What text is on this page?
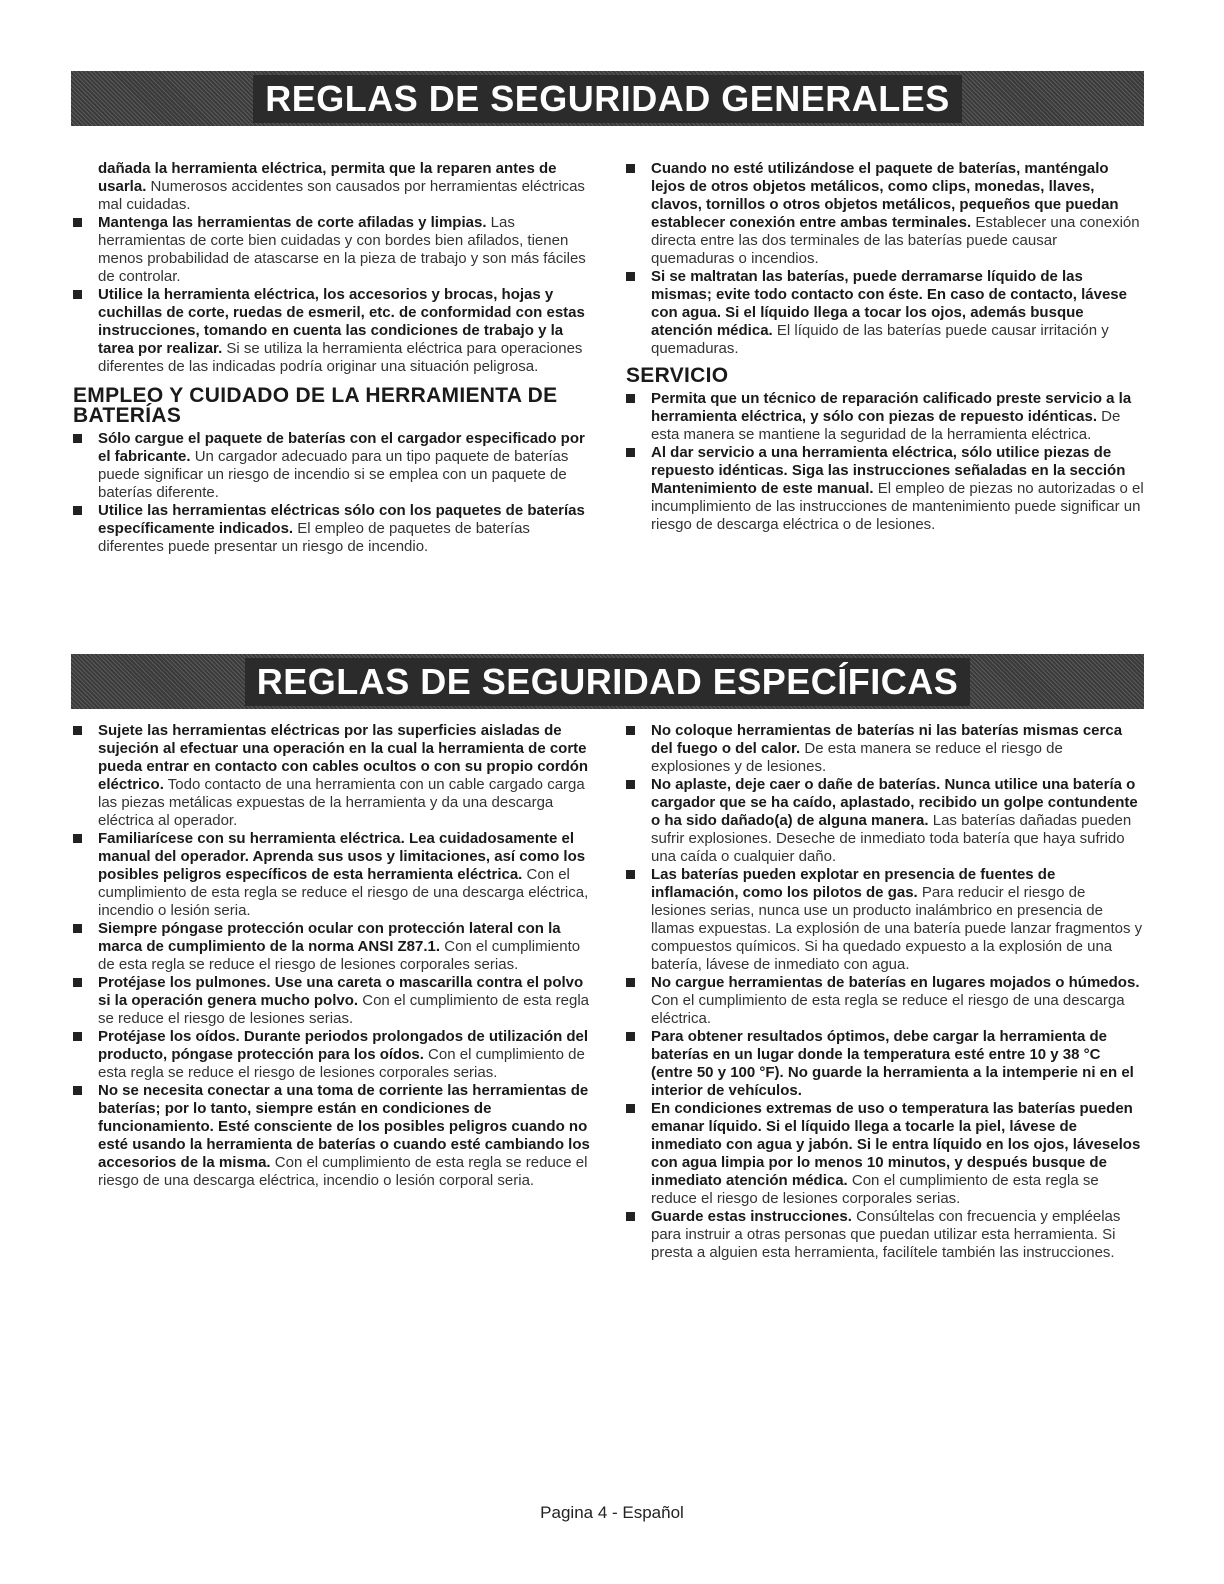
REGLAS DE SEGURIDAD GENERALES

dañada la herramienta eléctrica, permita que la reparen antes de usarla. Numerosos accidentes son causados por herramientas eléctricas mal cuidadas.

Mantenga las herramientas de corte afiladas y limpias. Las herramientas de corte bien cuidadas y con bordes bien afilados, tienen menos probabilidad de atascarse en la pieza de trabajo y son más fáciles de controlar.

Utilice la herramienta eléctrica, los accesorios y brocas, hojas y cuchillas de corte, ruedas de esmeril, etc. de conformidad con estas instrucciones, tomando en cuenta las condiciones de trabajo y la tarea por realizar. Si se utiliza la herramienta eléctrica para operaciones diferentes de las indicadas podría originar una situación peligrosa.

EMPLEO Y CUIDADO DE LA HERRAMIENTA DE BATERÍAS

Sólo cargue el paquete de baterías con el cargador especificado por el fabricante. Un cargador adecuado para un tipo paquete de baterías puede significar un riesgo de incendio si se emplea con un paquete de baterías diferente.

Utilice las herramientas eléctricas sólo con los paquetes de baterías específicamente indicados. El empleo de paquetes de baterías diferentes puede presentar un riesgo de incendio.

Cuando no esté utilizándose el paquete de baterías, manténgalo lejos de otros objetos metálicos, como clips, monedas, llaves, clavos, tornillos o otros objetos metálicos, pequeños que puedan establecer conexión entre ambas terminales. Establecer una conexión directa entre las dos terminales de las baterías puede causar quemaduras o incendios.

Si se maltratan las baterías, puede derramarse líquido de las mismas; evite todo contacto con éste. En caso de contacto, lávese con agua. Si el líquido llega a tocar los ojos, además busque atención médica. El líquido de las baterías puede causar irritación y quemaduras.

SERVICIO

Permita que un técnico de reparación calificado preste servicio a la herramienta eléctrica, y sólo con piezas de repuesto idénticas. De esta manera se mantiene la seguridad de la herramienta eléctrica.

Al dar servicio a una herramienta eléctrica, sólo utilice piezas de repuesto idénticas. Siga las instrucciones señaladas en la sección Mantenimiento de este manual. El empleo de piezas no autorizadas o el incumplimiento de las instrucciones de mantenimiento puede significar un riesgo de descarga eléctrica o de lesiones.

REGLAS DE SEGURIDAD ESPECÍFICAS

Sujete las herramientas eléctricas por las superficies aisladas de sujeción al efectuar una operación en la cual la herramienta de corte pueda entrar en contacto con cables ocultos o con su propio cordón eléctrico. Todo contacto de una herramienta con un cable cargado carga las piezas metálicas expuestas de la herramienta y da una descarga eléctrica al operador.

Familiarícese con su herramienta eléctrica. Lea cuidadosamente el manual del operador. Aprenda sus usos y limitaciones, así como los posibles peligros específicos de esta herramienta eléctrica. Con el cumplimiento de esta regla se reduce el riesgo de una descarga eléctrica, incendio o lesión seria.

Siempre póngase protección ocular con protección lateral con la marca de cumplimiento de la norma ANSI Z87.1. Con el cumplimiento de esta regla se reduce el riesgo de lesiones corporales serias.

Protéjase los pulmones. Use una careta o mascarilla contra el polvo si la operación genera mucho polvo. Con el cumplimiento de esta regla se reduce el riesgo de lesiones serias.

Protéjase los oídos. Durante periodos prolongados de utilización del producto, póngase protección para los oídos. Con el cumplimiento de esta regla se reduce el riesgo de lesiones corporales serias.

No se necesita conectar a una toma de corriente las herramientas de baterías; por lo tanto, siempre están en condiciones de funcionamiento. Esté consciente de los posibles peligros cuando no esté usando la herramienta de baterías o cuando esté cambiando los accesorios de la misma. Con el cumplimiento de esta regla se reduce el riesgo de una descarga eléctrica, incendio o lesión corporal seria.

No coloque herramientas de baterías ni las baterías mismas cerca del fuego o del calor. De esta manera se reduce el riesgo de explosiones y de lesiones.

No aplaste, deje caer o dañe de baterías. Nunca utilice una batería o cargador que se ha caído, aplastado, recibido un golpe contundente o ha sido dañado(a) de alguna manera. Las baterías dañadas pueden sufrir explosiones. Deseche de inmediato toda batería que haya sufrido una caída o cualquier daño.

Las baterías pueden explotar en presencia de fuentes de inflamación, como los pilotos de gas. Para reducir el riesgo de lesiones serias, nunca use un producto inalámbrico en presencia de llamas expuestas. La explosión de una batería puede lanzar fragmentos y compuestos químicos. Si ha quedado expuesto a la explosión de una batería, lávese de inmediato con agua.

No cargue herramientas de baterías en lugares mojados o húmedos. Con el cumplimiento de esta regla se reduce el riesgo de una descarga eléctrica.

Para obtener resultados óptimos, debe cargar la herramienta de baterías en un lugar donde la temperatura esté entre 10 y 38 °C (entre 50 y 100 °F). No guarde la herramienta a la intemperie ni en el interior de vehículos.

En condiciones extremas de uso o temperatura las baterías pueden emanar líquido. Si el líquido llega a tocarle la piel, lávese de inmediato con agua y jabón. Si le entra líquido en los ojos, láveselos con agua limpia por lo menos 10 minutos, y después busque de inmediato atención médica. Con el cumplimiento de esta regla se reduce el riesgo de lesiones corporales serias.

Guarde estas instrucciones. Consúltelas con frecuencia y empléelas para instruir a otras personas que puedan utilizar esta herramienta. Si presta a alguien esta herramienta, facilítele también las instrucciones.

Pagina 4 - Español
